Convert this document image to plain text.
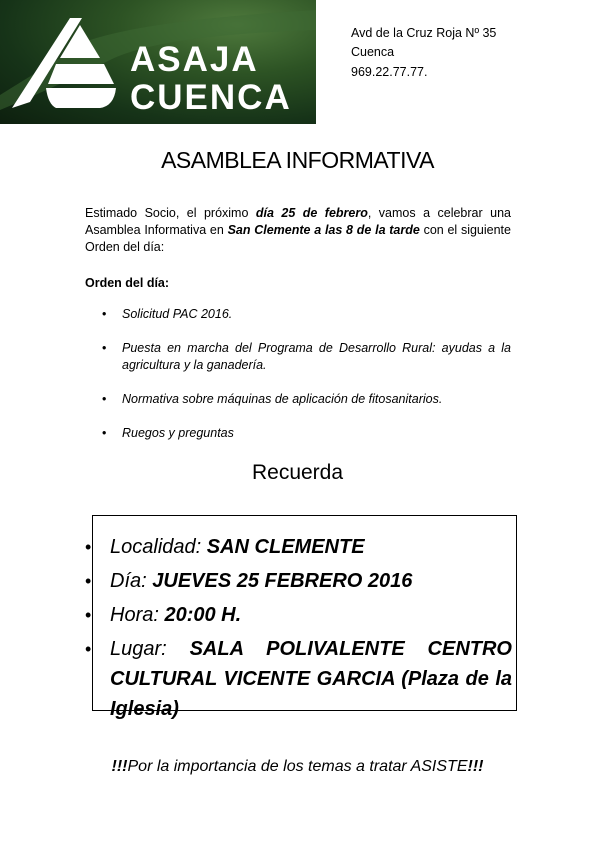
ASAJA
CUENCA
Avd de la Cruz Roja Nº 35
Cuenca
969.22.77.77.
ASAMBLEA INFORMATIVA
Estimado Socio, el próximo día 25 de febrero, vamos a celebrar una Asamblea Informativa en San Clemente a las 8 de la tarde con el siguiente Orden del día:
Orden del día:
• Solicitud PAC 2016.
• Puesta en marcha del Programa de Desarrollo Rural: ayudas a la agricultura y la ganadería.
• Normativa sobre máquinas de aplicación de fitosanitarios.
• Ruegos y preguntas
Recuerda
• Localidad: SAN CLEMENTE
• Día: JUEVES 25 FEBRERO 2016
• Hora: 20:00 H.
• Lugar: SALA POLIVALENTE CENTRO CULTURAL VICENTE GARCIA (Plaza de la Iglesia)
!!!Por la importancia de los temas a tratar ASISTE!!!
